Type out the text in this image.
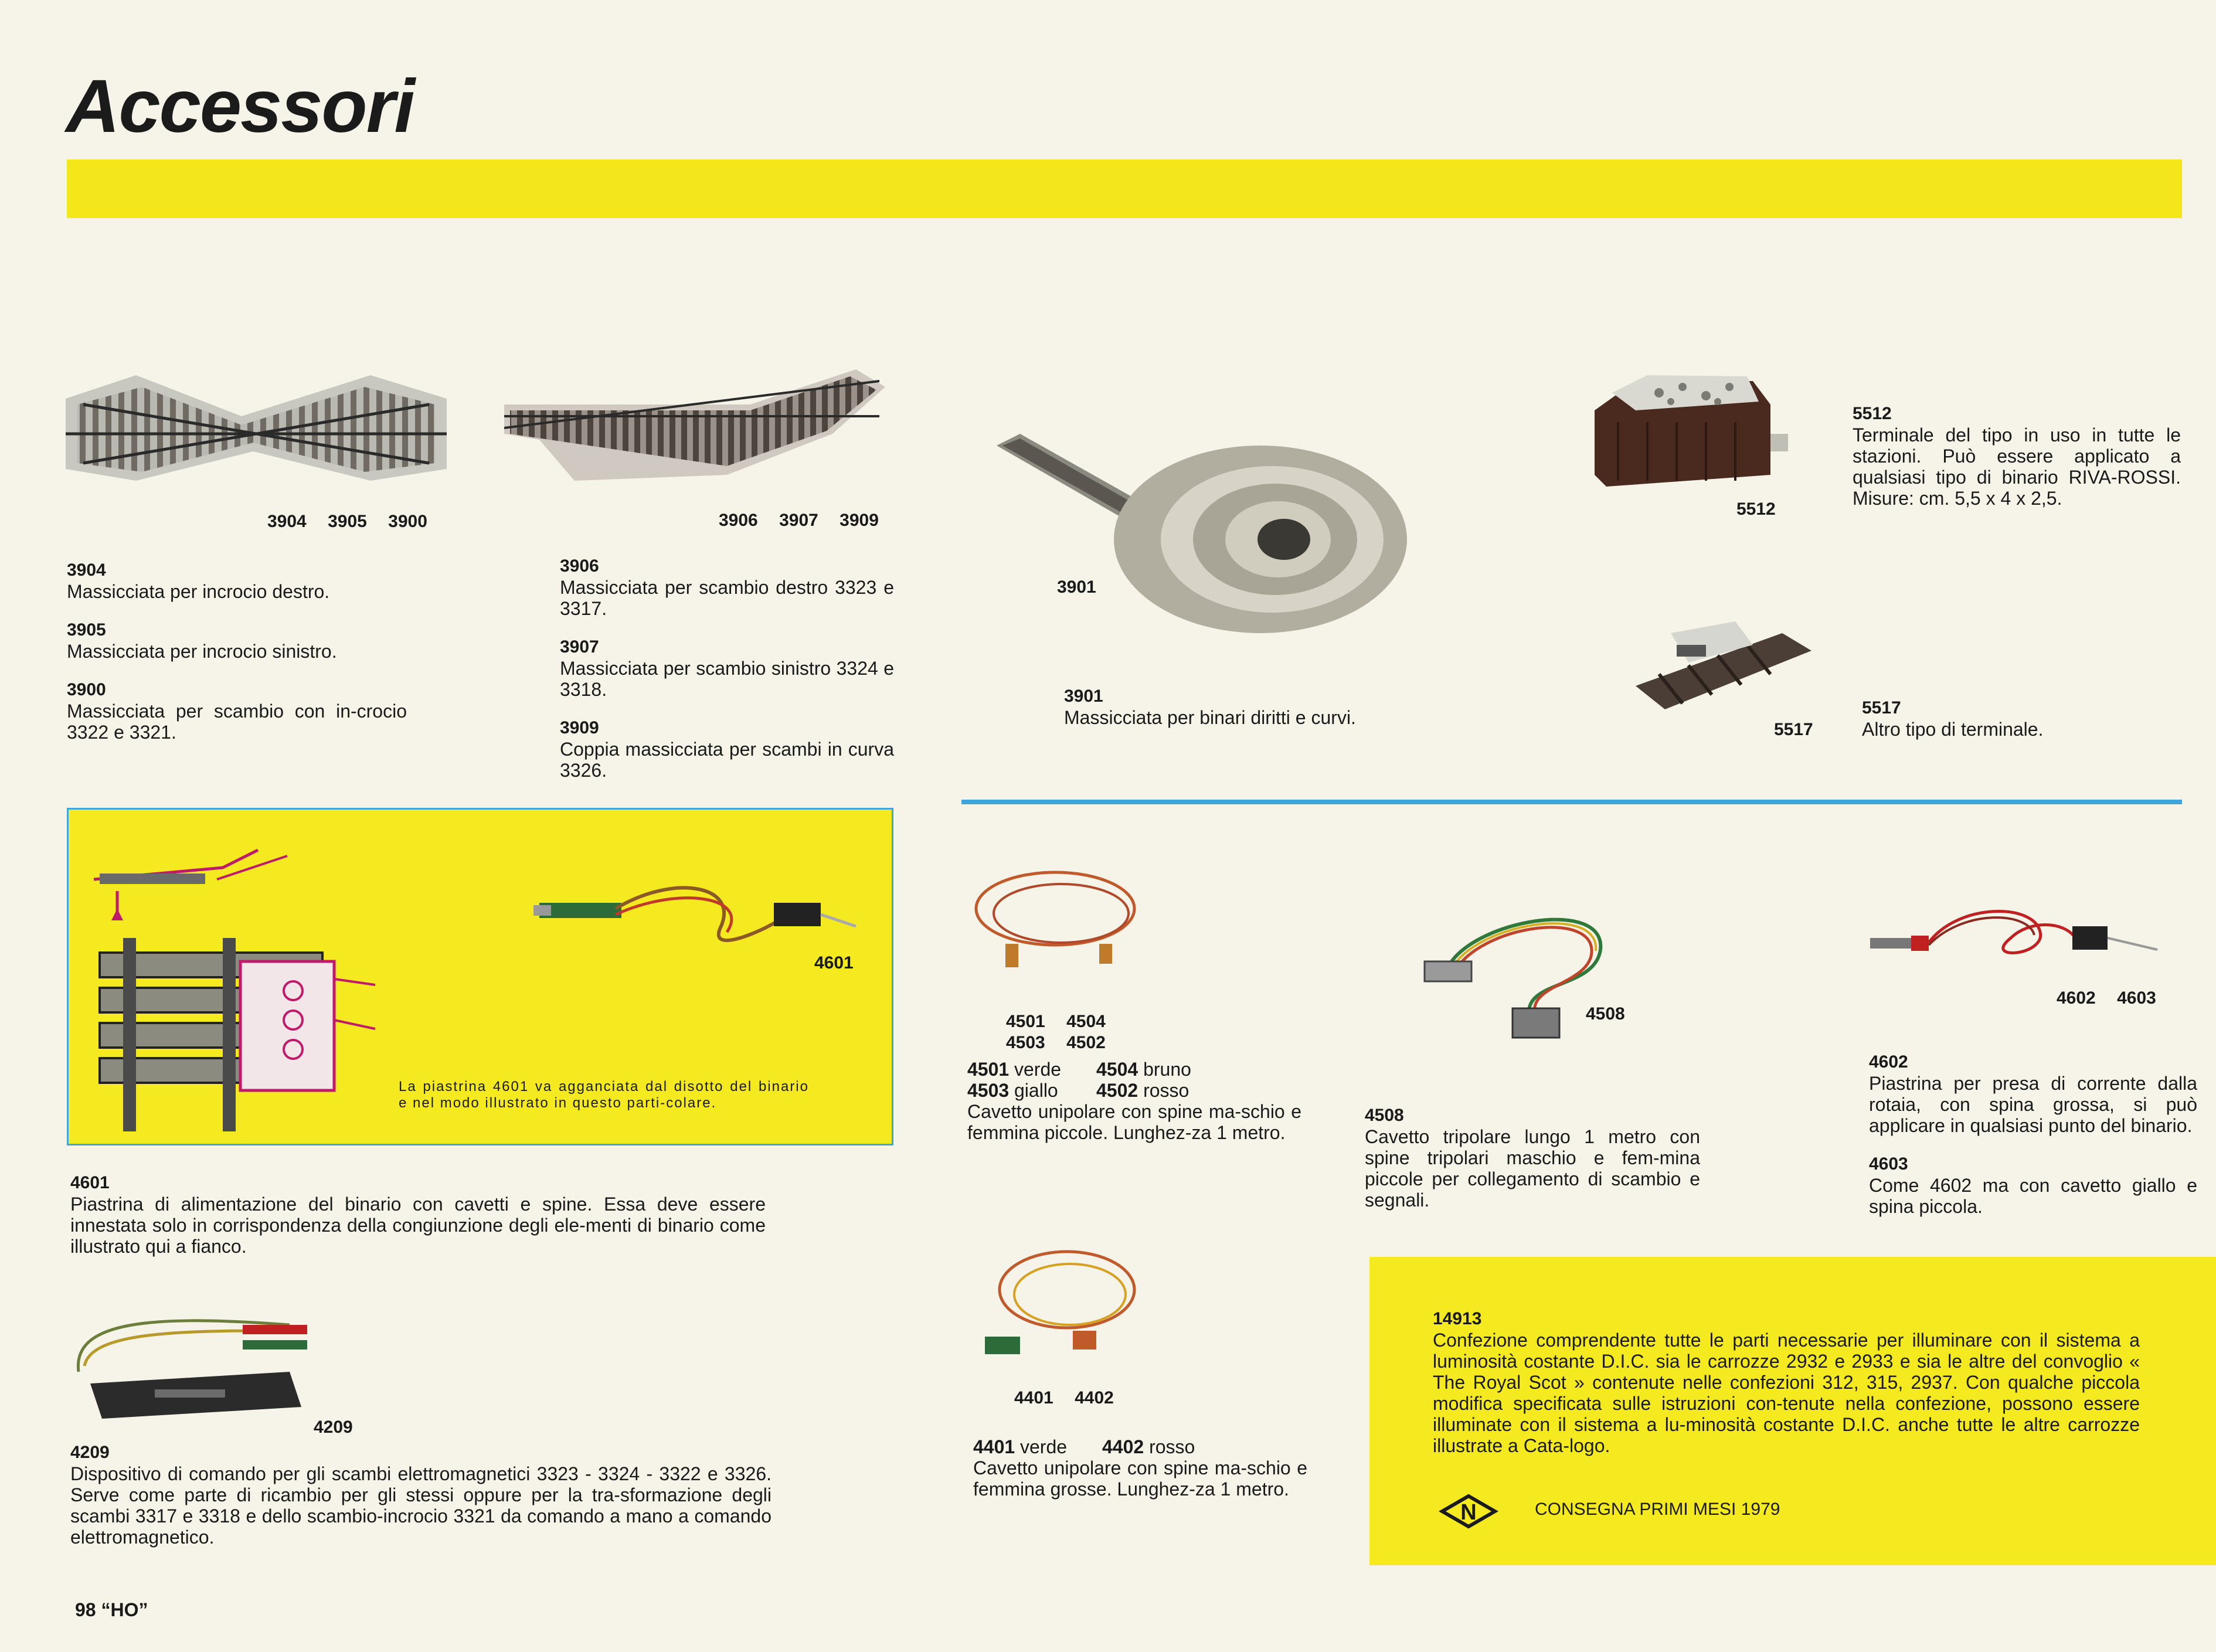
Accessori
3904 3905 3900	3906 3907 3909

3904
Massicciata per incrocio destro.

3905
Massicciata per incrocio sinistro.

3900
Massicciata per scambio con in-crocio 3322 e 3321.

3906
Massicciata per scambio destro 3323 e 3317.

3907
Massicciata per scambio sinistro 3324 e 3318.

3909
Coppia massicciata per scambi in curva 3326.

3901
3901
Massicciata per binari diritti e curvi.
5512
5512
Terminale del tipo in uso in tutte le stazioni. Può essere applicato a qualsiasi tipo di binario RIVA-ROSSI. Misure: cm. 5,5 x 4 x 2,5.
5517
5517
Altro tipo di terminale.
4601
La piastrina 4601 va agganciata dal disotto del binario e nel modo illustrato in questo parti-colare.
4601
Piastrina di alimentazione del binario con cavetti e spine. Essa deve essere innestata solo in corrispondenza della congiunzione degli ele-menti di binario come illustrato qui a fianco.
4209
4209
Dispositivo di comando per gli scambi elettromagnetici 3323 - 3324 - 3322 e 3326. Serve come parte di ricambio per gli stessi oppure per la tra-sformazione degli scambi 3317 e 3318 e dello scambio-incrocio 3321 da comando a mano a comando elettromagnetico.
4501 4504
4503 4502
4501 verde 4504 bruno
4503 giallo 4502 rosso
Cavetto unipolare con spine ma-schio e femmina piccole. Lunghez-za 1 metro.
4508
4508
Cavetto tripolare lungo 1 metro con spine tripolari maschio e fem-mina piccole per collegamento di scambio e segnali.
4602 4603

4602
Piastrina per presa di corrente dalla rotaia, con spina grossa, si può applicare in qualsiasi punto del binario.

4603
Come 4602 ma con cavetto giallo e spina piccola.

4401 4402
4401 verde 4402 rosso
Cavetto unipolare con spine ma-schio e femmina grosse. Lunghez-za 1 metro.
14913
Confezione comprendente tutte le parti necessarie per illuminare con il sistema a luminosità costante D.I.C. sia le carrozze 2932 e 2933 e sia le altre del convoglio « The Royal Scot » contenute nelle confezioni 312, 315, 2937. Con qualche piccola modifica specificata sulle istruzioni con-tenute nella confezione, possono essere illuminate con il sistema a lu-minosità costante D.I.C. anche tutte le altre carrozze illustrate a Cata-logo.
N	CONSEGNA PRIMI MESI 1979
98 “HO”
